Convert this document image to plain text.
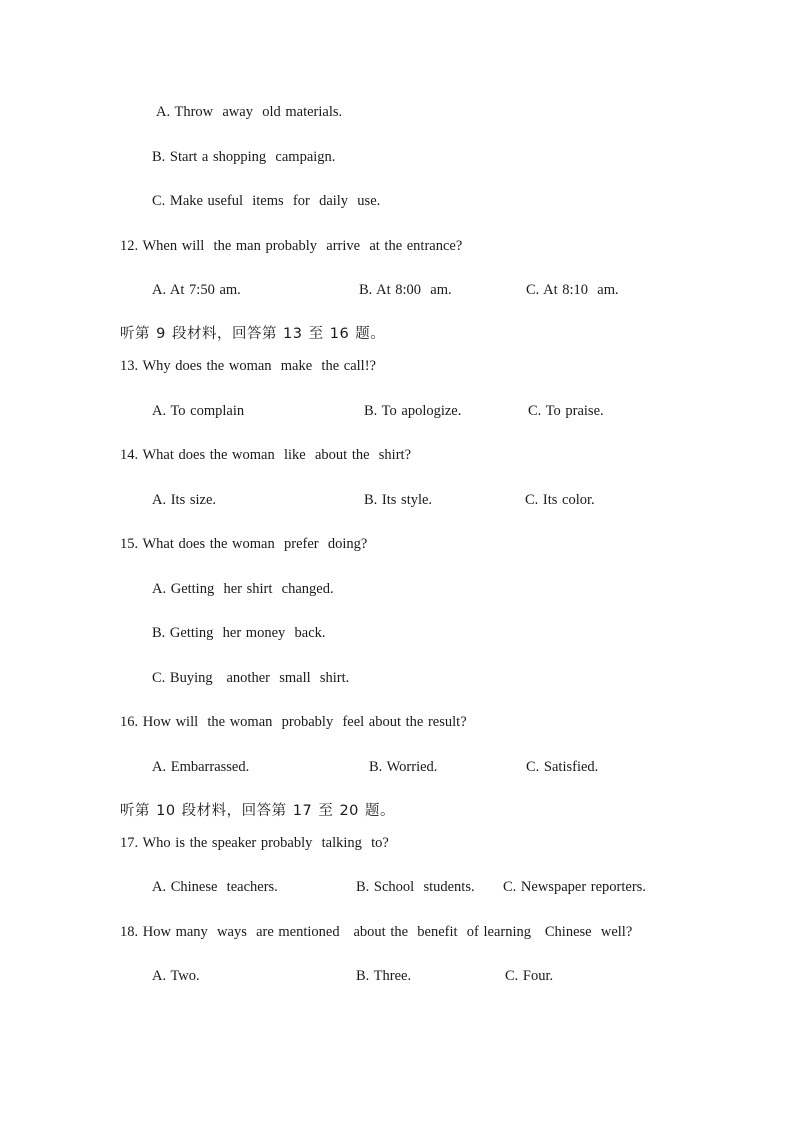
A. Throw  away  old materials.
B. Start a shopping  campaign.
C. Make useful  items  for  daily  use.
12. When will  the man probably  arrive  at the entrance?
A. At 7:50 am.	B. At 8:00  am.	C. At 8:10  am.
听第 9 段材料，回答第 13 至 16 题。
13. Why does the woman  make  the call!?
A. To complain	B. To apologize.	C. To praise.
14. What does the woman  like  about the  shirt?
A. Its size.	B. Its style.	C. Its color.
15. What does the woman  prefer  doing?
A. Getting  her shirt  changed.
B. Getting  her money  back.
C. Buying   another  small  shirt.
16. How will  the woman  probably  feel about the result?
A. Embarrassed.	B. Worried.	C. Satisfied.
听第 10 段材料，回答第 17 至 20 题。
17. Who is the speaker probably  talking  to?
A. Chinese  teachers.	B. School  students. C. Newspaper reporters.
18. How many  ways  are mentioned   about the  benefit  of learning   Chinese  well?
A. Two.	B. Three.	C. Four.
